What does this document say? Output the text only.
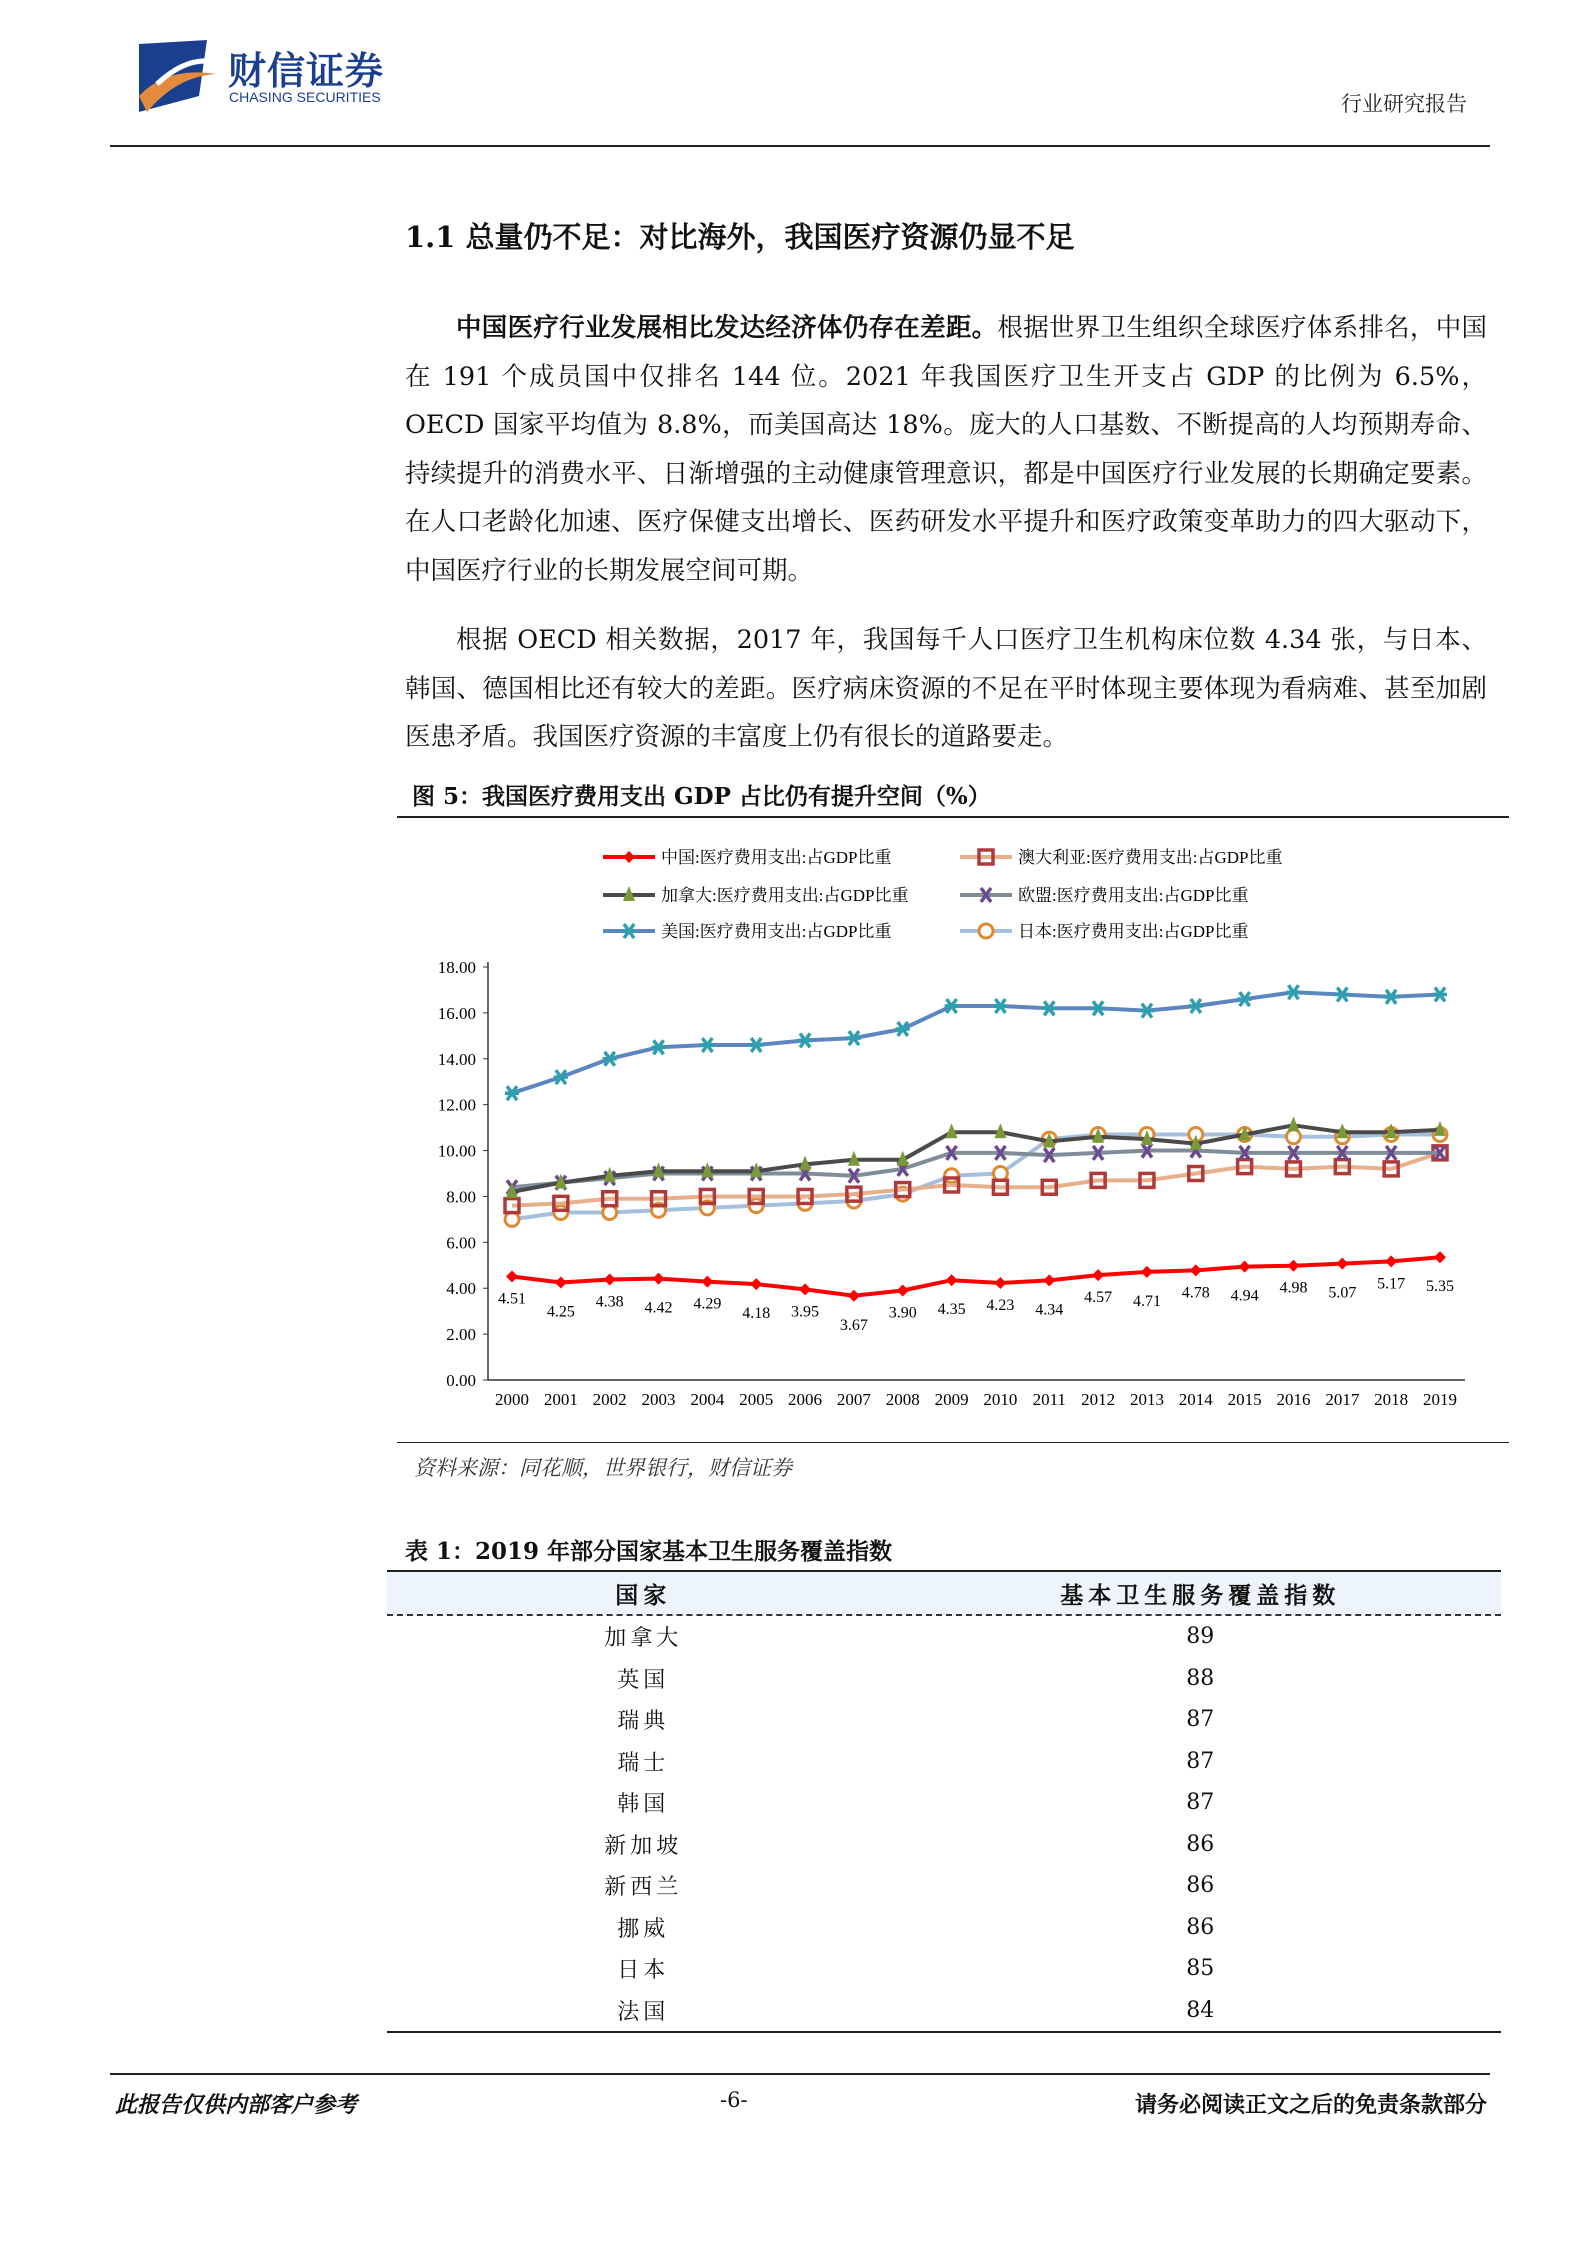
财信证券
CHASING SECURITIES	行业研究报告
1.1 总量仍不足：对比海外，我国医疗资源仍显不足
中国医疗行业发展相比发达经济体仍存在差距。根据世界卫生组织全球医疗体系排名，中国在 191 个成员国中仅排名 144 位。2021 年我国医疗卫生开支占 GDP 的比例为 6.5%，OECD 国家平均值为 8.8%，而美国高达 18%。庞大的人口基数、不断提高的人均预期寿命、持续提升的消费水平、日渐增强的主动健康管理意识，都是中国医疗行业发展的长期确定要素。在人口老龄化加速、医疗保健支出增长、医药研发水平提升和医疗政策变革助力的四大驱动下，中国医疗行业的长期发展空间可期。
根据 OECD 相关数据，2017 年，我国每千人口医疗卫生机构床位数 4.34 张，与日本、韩国、德国相比还有较大的差距。医疗病床资源的不足在平时体现主要体现为看病难、甚至加剧医患矛盾。我国医疗资源的丰富度上仍有很长的道路要走。
图 5：我国医疗费用支出 GDP 占比仍有提升空间（%）
0.00
2.00
4.00
6.00
8.00
10.00
12.00
14.00
16.00
18.00
2000 2001 2002 2003 2004 2005 2006 2007 2008 2009 2010 2011 2012 2013 2014 2015 2016 2017 2018 2019
4.51
4.25
4.38 4.42 4.29
4.18 3.95
3.67
3.90 4.35 4.23 4.34
4.57 4.71
4.78 4.94 4.98 5.07
5.17 5.35
中国:医疗费用支出:占GDP比重	澳大利亚:医疗费用支出:占GDP比重
加拿大:医疗费用支出:占GDP比重	欧盟:医疗费用支出:占GDP比重
美国:医疗费用支出:占GDP比重	日本:医疗费用支出:占GDP比重
资料来源：同花顺，世界银行，财信证券
表 1：2019 年部分国家基本卫生服务覆盖指数
国家	基本卫生服务覆盖指数
加拿大	89
英国	88
瑞典	87
瑞士	87
韩国	87
新加坡	86
新西兰	86
挪威	86
日本	85
法国	84
此报告仅供内部客户参考	-6-	请务必阅读正文之后的免责条款部分
